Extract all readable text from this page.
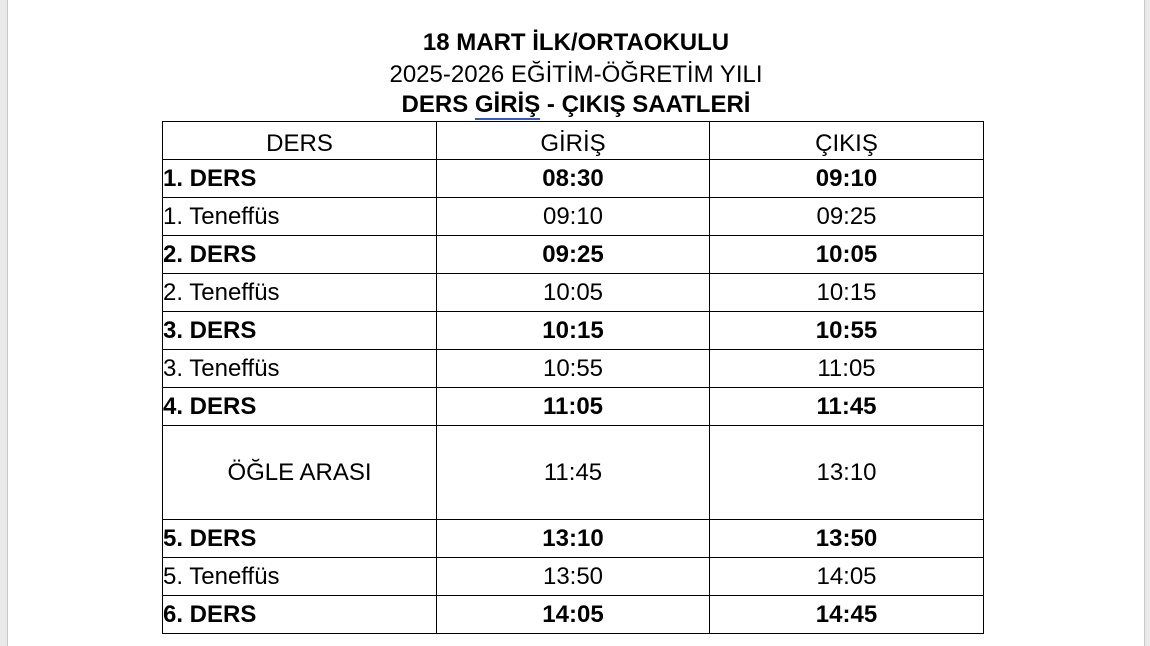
18 MART İLK/ORTAOKULU
2025-2026 EĞİTİM-ÖĞRETİM YILI
DERS GİRİŞ - ÇIKIŞ SAATLERİ
DERS	GİRİŞ	ÇIKIŞ
1. DERS	08:30	09:10
1. Teneffüs	09:10	09:25
2. DERS	09:25	10:05
2. Teneffüs	10:05	10:15
3. DERS	10:15	10:55
3. Teneffüs	10:55	11:05
4. DERS	11:05	11:45
ÖĞLE ARASI	11:45	13:10
5. DERS	13:10	13:50
5. Teneffüs	13:50	14:05
6. DERS	14:05	14:45
